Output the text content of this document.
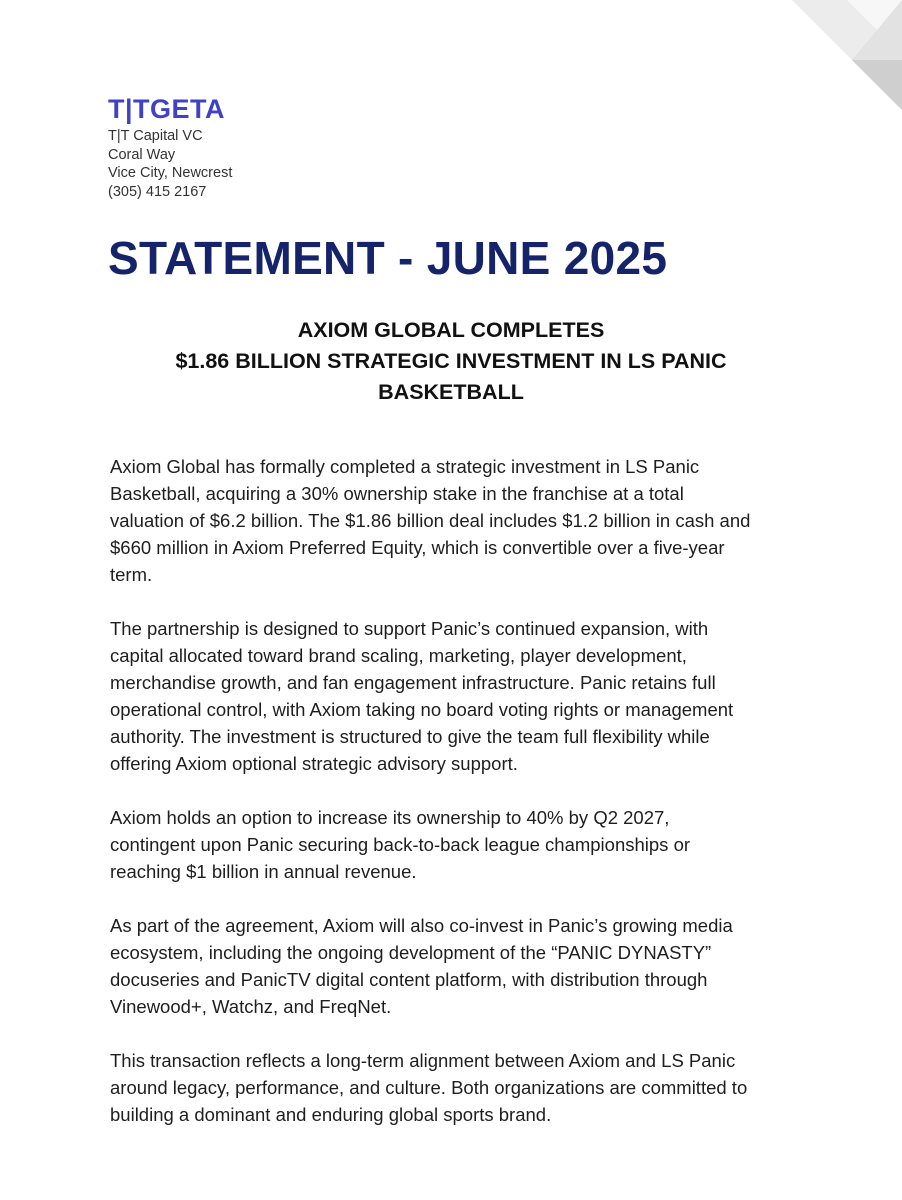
T|TGETA
T|T Capital VC
Coral Way
Vice City, Newcrest
(305) 415 2167
STATEMENT - JUNE 2025
AXIOM GLOBAL COMPLETES
$1.86 BILLION STRATEGIC INVESTMENT IN LS PANIC
BASKETBALL

Axiom Global has formally completed a strategic investment in LS Panic
Basketball, acquiring a 30% ownership stake in the franchise at a total
valuation of $6.2 billion. The $1.86 billion deal includes $1.2 billion in cash and
$660 million in Axiom Preferred Equity, which is convertible over a five-year
term.

The partnership is designed to support Panic’s continued expansion, with
capital allocated toward brand scaling, marketing, player development,
merchandise growth, and fan engagement infrastructure. Panic retains full
operational control, with Axiom taking no board voting rights or management
authority. The investment is structured to give the team full flexibility while
offering Axiom optional strategic advisory support.

Axiom holds an option to increase its ownership to 40% by Q2 2027,
contingent upon Panic securing back-to-back league championships or
reaching $1 billion in annual revenue.

As part of the agreement, Axiom will also co-invest in Panic’s growing media
ecosystem, including the ongoing development of the “PANIC DYNASTY”
docuseries and PanicTV digital content platform, with distribution through
Vinewood+, Watchz, and FreqNet.

This transaction reflects a long-term alignment between Axiom and LS Panic
around legacy, performance, and culture. Both organizations are committed to
building a dominant and enduring global sports brand.
